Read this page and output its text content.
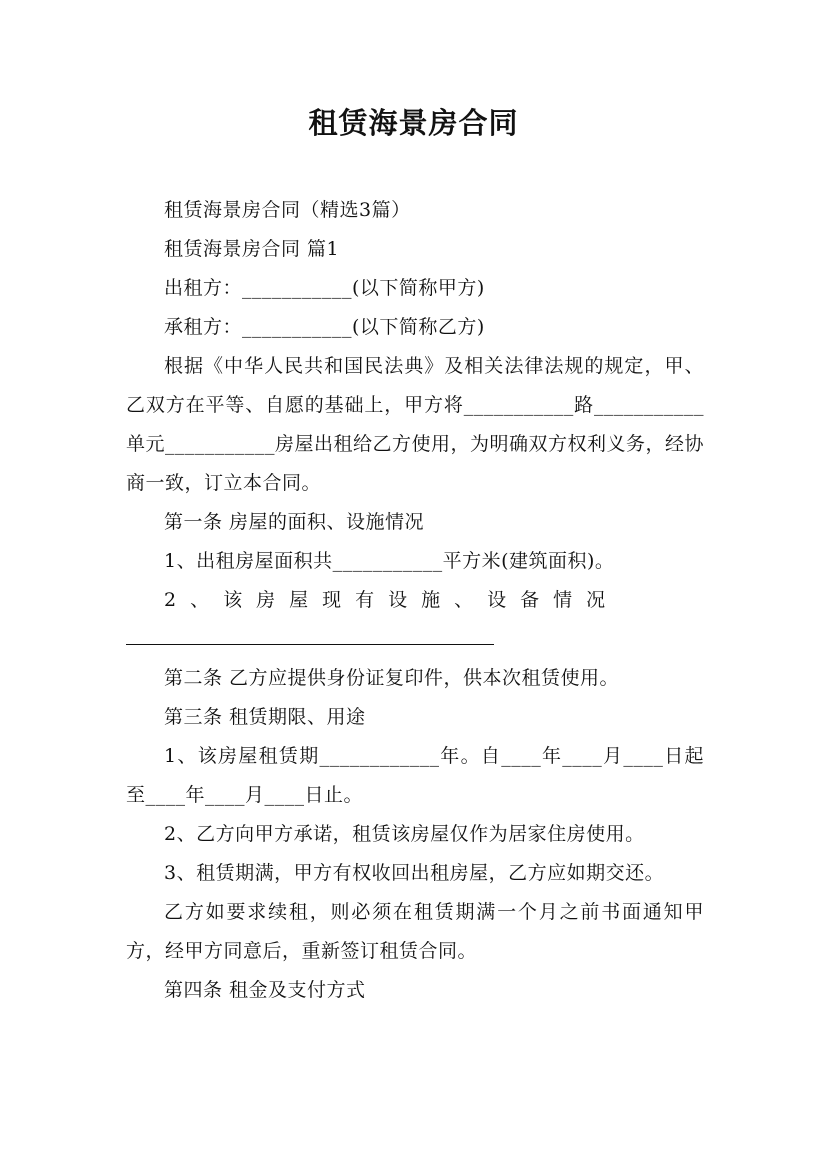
租赁海景房合同

租赁海景房合同（精选3篇）

租赁海景房合同 篇1

出租方：___________(以下简称甲方)

承租方：___________(以下简称乙方)

根据《中华人民共和国民法典》及相关法律法规的规定，甲、乙双方在平等、自愿的基础上，甲方将___________路___________单元___________房屋出租给乙方使用，为明确双方权利义务，经协商一致，订立本合同。

第一条 房屋的面积、设施情况

1、出租房屋面积共___________平方米(建筑面积)。

2、该房屋现有设施、设备情况

第二条 乙方应提供身份证复印件，供本次租赁使用。

第三条 租赁期限、用途

1、该房屋租赁期____________年。自____年____月____日起至____年____月____日止。

2、乙方向甲方承诺，租赁该房屋仅作为居家住房使用。

3、租赁期满，甲方有权收回出租房屋，乙方应如期交还。

乙方如要求续租，则必须在租赁期满一个月之前书面通知甲方，经甲方同意后，重新签订租赁合同。

第四条 租金及支付方式
